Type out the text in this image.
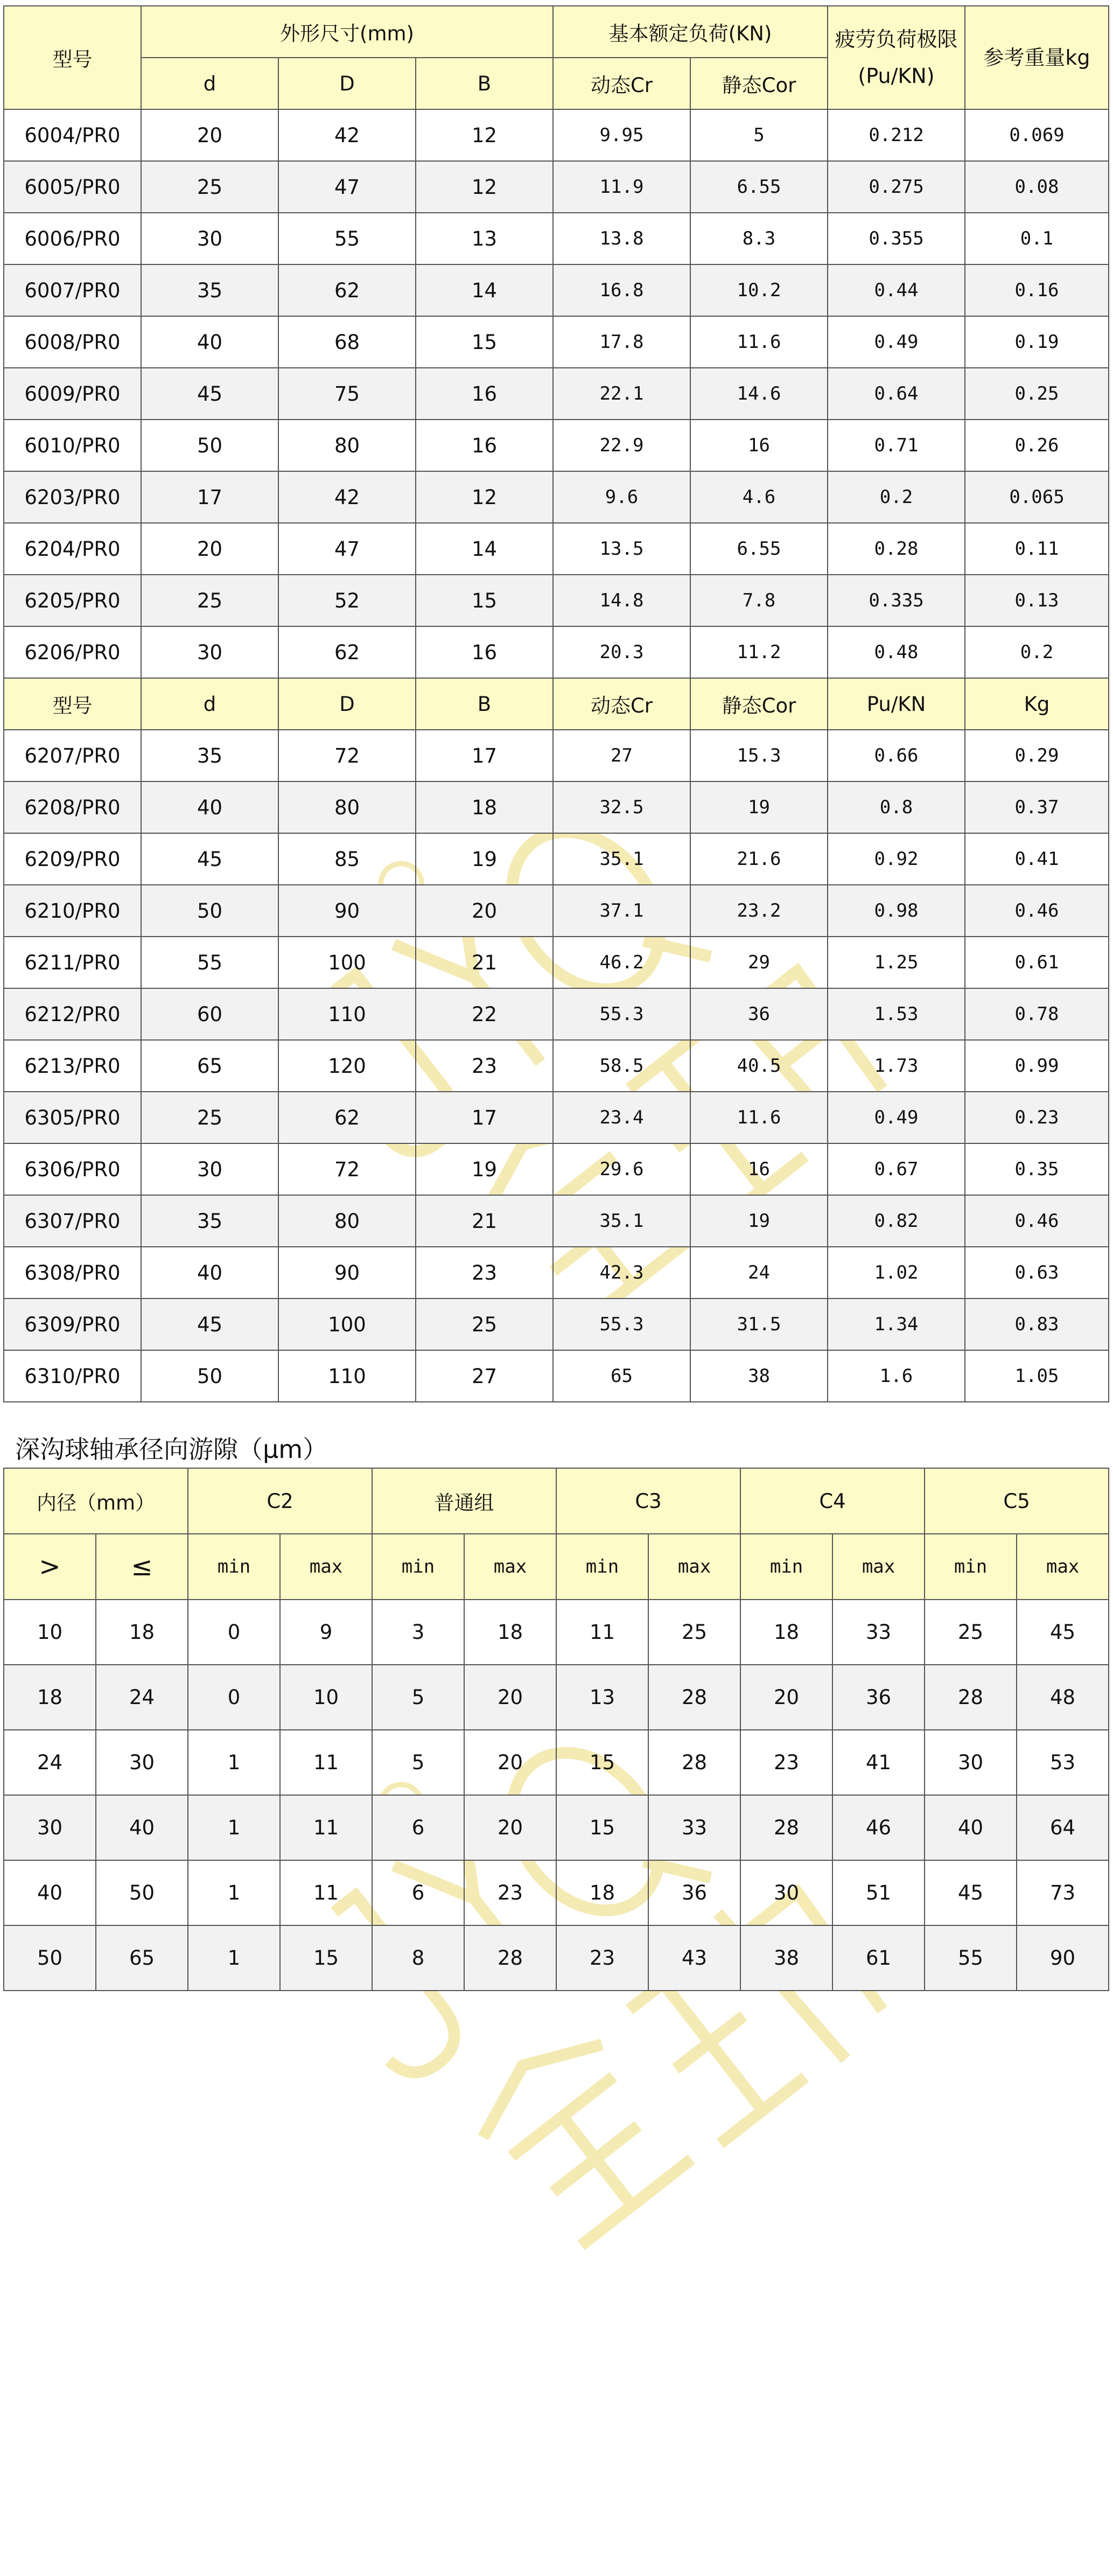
型号	外形尺寸(mm)			基本额定负荷(KN)		疲劳负荷极限(Pu/KN)	参考重量kg
	d	D	B	动态Cr	静态Cor		
6004/PR0	20	42	12	9.95	5	0.212	0.069
6005/PR0	25	47	12	11.9	6.55	0.275	0.08
6006/PR0	30	55	13	13.8	8.3	0.355	0.1
6007/PR0	35	62	14	16.8	10.2	0.44	0.16
6008/PR0	40	68	15	17.8	11.6	0.49	0.19
6009/PR0	45	75	16	22.1	14.6	0.64	0.25
6010/PR0	50	80	16	22.9	16	0.71	0.26
6203/PR0	17	42	12	9.6	4.6	0.2	0.065
6204/PR0	20	47	14	13.5	6.55	0.28	0.11
6205/PR0	25	52	15	14.8	7.8	0.335	0.13
6206/PR0	30	62	16	20.3	11.2	0.48	0.2
型号	d	D	B	动态Cr	静态Cor	Pu/KN	Kg
6207/PR0	35	72	17	27	15.3	0.66	0.29
6208/PR0	40	80	18	32.5	19	0.8	0.37
6209/PR0	45	85	19	35.1	21.6	0.92	0.41
6210/PR0	50	90	20	37.1	23.2	0.98	0.46
6211/PR0	55	100	21	46.2	29	1.25	0.61
6212/PR0	60	110	22	55.3	36	1.53	0.78
6213/PR0	65	120	23	58.5	40.5	1.73	0.99
6305/PR0	25	62	17	23.4	11.6	0.49	0.23
6306/PR0	30	72	19	29.6	16	0.67	0.35
6307/PR0	35	80	21	35.1	19	0.82	0.46
6308/PR0	40	90	23	42.3	24	1.02	0.63
6309/PR0	45	100	25	55.3	31.5	1.34	0.83
6310/PR0	50	110	27	65	38	1.6	1.05
深沟球轴承径向游隙（μm）
内径（mm）		C2		普通组		C3		C4		C5	
>	≤	min	max	min	max	min	max	min	max	min	max
10	18	0	9	3	18	11	25	18	33	25	45
18	24	0	10	5	20	13	28	20	36	28	48
24	30	1	11	5	20	15	28	23	41	30	53
30	40	1	11	6	20	15	33	28	46	40	64
40	50	1	11	6	23	18	36	30	51	45	73
50	65	1	15	8	28	23	43	38	61	55	90
